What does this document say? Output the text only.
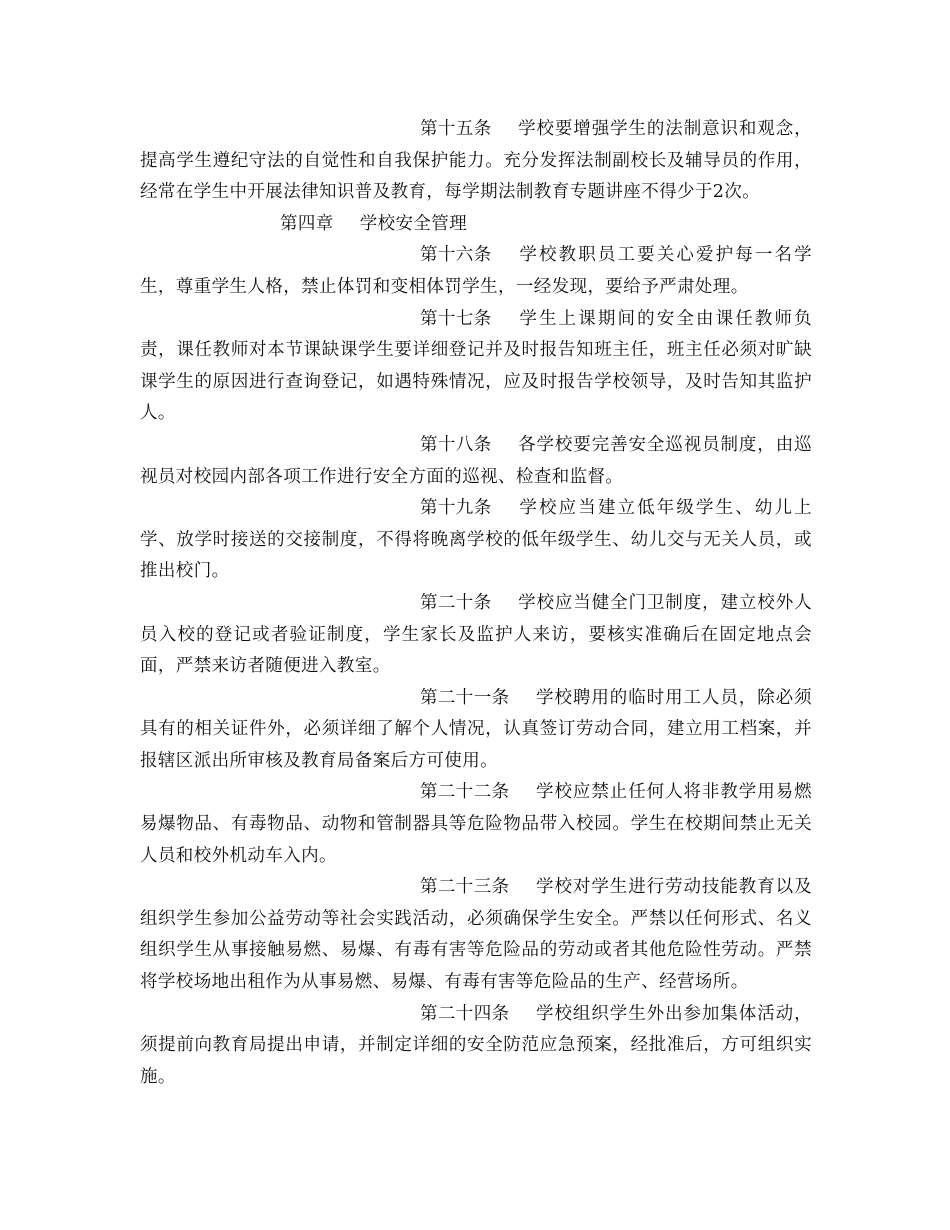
第十五条 学校要增强学生的法制意识和观念，提高学生遵纪守法的自觉性和自我保护能力。充分发挥法制副校长及辅导员的作用，经常在学生中开展法律知识普及教育，每学期法制教育专题讲座不得少于2次。

第四章 学校安全管理

第十六条 学校教职员工要关心爱护每一名学生，尊重学生人格，禁止体罚和变相体罚学生，一经发现，要给予严肃处理。

第十七条 学生上课期间的安全由课任教师负责，课任教师对本节课缺课学生要详细登记并及时报告知班主任，班主任必须对旷缺课学生的原因进行查询登记，如遇特殊情况，应及时报告学校领导，及时告知其监护人。

第十八条 各学校要完善安全巡视员制度，由巡视员对校园内部各项工作进行安全方面的巡视、检查和监督。

第十九条 学校应当建立低年级学生、幼儿上学、放学时接送的交接制度，不得将晚离学校的低年级学生、幼儿交与无关人员，或推出校门。

第二十条 学校应当健全门卫制度，建立校外人员入校的登记或者验证制度，学生家长及监护人来访，要核实准确后在固定地点会面，严禁来访者随便进入教室。

第二十一条 学校聘用的临时用工人员，除必须具有的相关证件外，必须详细了解个人情况，认真签订劳动合同，建立用工档案，并报辖区派出所审核及教育局备案后方可使用。

第二十二条 学校应禁止任何人将非教学用易燃易爆物品、有毒物品、动物和管制器具等危险物品带入校园。学生在校期间禁止无关人员和校外机动车入内。

第二十三条 学校对学生进行劳动技能教育以及组织学生参加公益劳动等社会实践活动，必须确保学生安全。严禁以任何形式、名义组织学生从事接触易燃、易爆、有毒有害等危险品的劳动或者其他危险性劳动。严禁将学校场地出租作为从事易燃、易爆、有毒有害等危险品的生产、经营场所。

第二十四条 学校组织学生外出参加集体活动，须提前向教育局提出申请，并制定详细的安全防范应急预案，经批准后，方可组织实施。
